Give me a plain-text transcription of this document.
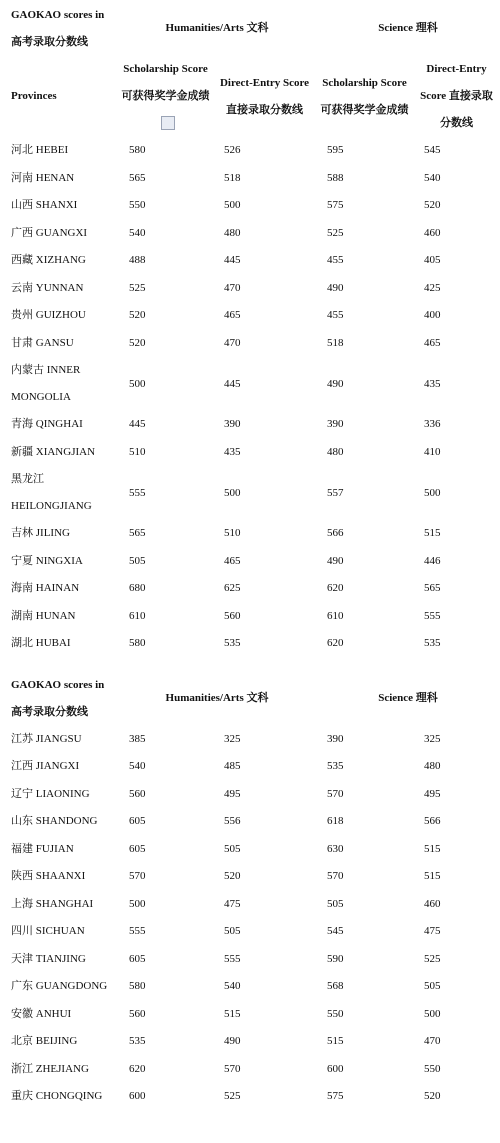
GAOKAO scores in 高考录取分数线	Humanities/Arts 文科		Science 理科	
Provinces	Scholarship Score 可获得奖学金成绩	Direct-Entry Score 直接录取分数线	Scholarship Score 可获得奖学金成绩	Direct-Entry Score 直接录取分数线
河北 HEBEI	580	526	595	545
河南 HENAN	565	518	588	540
山西 SHANXI	550	500	575	520
广西 GUANGXI	540	480	525	460
西藏 XIZHANG	488	445	455	405
云南 YUNNAN	525	470	490	425
贵州 GUIZHOU	520	465	455	400
甘肃 GANSU	520	470	518	465
内蒙古 INNER MONGOLIA	500	445	490	435
青海 QINGHAI	445	390	390	336
新疆 XIANGJIAN	510	435	480	410
黑龙江 HEILONGJIANG	555	500	557	500
吉林 JILING	565	510	566	515
宁夏 NINGXIA	505	465	490	446
海南 HAINAN	680	625	620	565
湖南 HUNAN	610	560	610	555
湖北 HUBAI	580	535	620	535
GAOKAO scores in 高考录取分数线	Humanities/Arts 文科		Science 理科	
江苏 JIANGSU	385	325	390	325
江西 JIANGXI	540	485	535	480
辽宁 LIAONING	560	495	570	495
山东 SHANDONG	605	556	618	566
福建 FUJIAN	605	505	630	515
陕西 SHAANXI	570	520	570	515
上海 SHANGHAI	500	475	505	460
四川 SICHUAN	555	505	545	475
天津 TIANJING	605	555	590	525
广东 GUANGDONG	580	540	568	505
安徽 ANHUI	560	515	550	500
北京 BEIJING	535	490	515	470
浙江 ZHEJIANG	620	570	600	550
重庆 CHONGQING	600	525	575	520
